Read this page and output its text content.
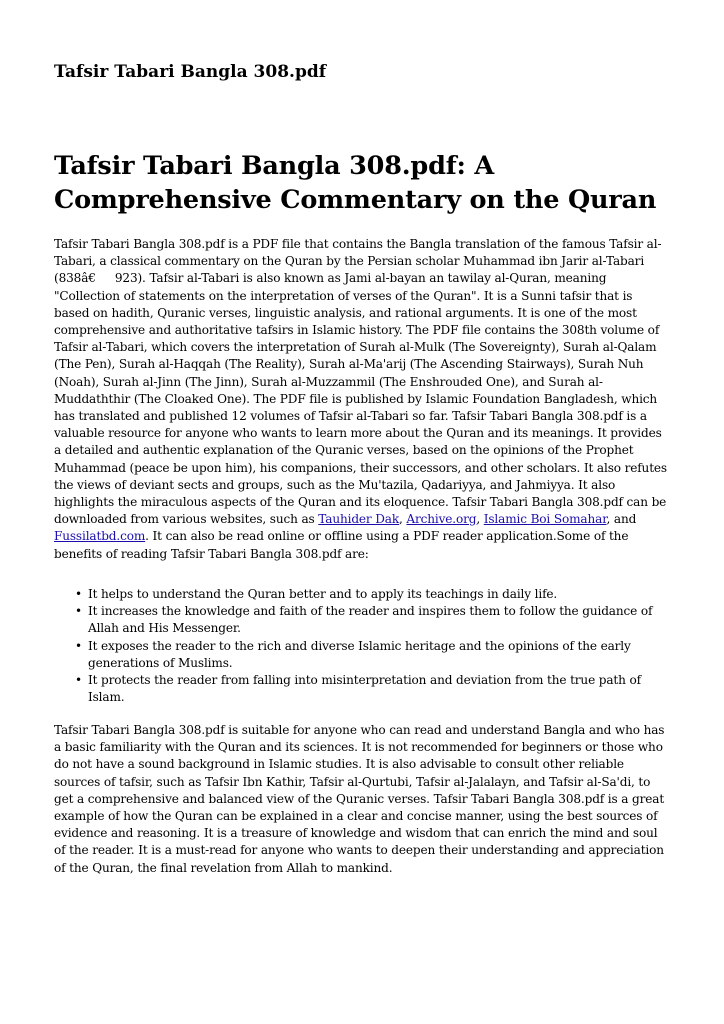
Tafsir Tabari Bangla 308.pdf
Tafsir Tabari Bangla 308.pdf: A Comprehensive Commentary on the Quran

Tafsir Tabari Bangla 308.pdf is a PDF file that contains the Bangla translation of the famous Tafsir al-Tabari, a classical commentary on the Quran by the Persian scholar Muhammad ibn Jarir al-Tabari (838â€923). Tafsir al-Tabari is also known as Jami al-bayan an tawilay al-Quran, meaning "Collection of statements on the interpretation of verses of the Quran". It is a Sunni tafsir that is based on hadith, Quranic verses, linguistic analysis, and rational arguments. It is one of the most comprehensive and authoritative tafsirs in Islamic history. The PDF file contains the 308th volume of Tafsir al-Tabari, which covers the interpretation of Surah al-Mulk (The Sovereignty), Surah al-Qalam (The Pen), Surah al-Haqqah (The Reality), Surah al-Ma'arij (The Ascending Stairways), Surah Nuh (Noah), Surah al-Jinn (The Jinn), Surah al-Muzzammil (The Enshrouded One), and Surah al-Muddaththir (The Cloaked One). The PDF file is published by Islamic Foundation Bangladesh, which has translated and published 12 volumes of Tafsir al-Tabari so far. Tafsir Tabari Bangla 308.pdf is a valuable resource for anyone who wants to learn more about the Quran and its meanings. It provides a detailed and authentic explanation of the Quranic verses, based on the opinions of the Prophet Muhammad (peace be upon him), his companions, their successors, and other scholars. It also refutes the views of deviant sects and groups, such as the Mu'tazila, Qadariyya, and Jahmiyya. It also highlights the miraculous aspects of the Quran and its eloquence. Tafsir Tabari Bangla 308.pdf can be downloaded from various websites, such as Tauhider Dak, Archive.org, Islamic Boi Somahar, and Fussilatbd.com. It can also be read online or offline using a PDF reader application.Some of the benefits of reading Tafsir Tabari Bangla 308.pdf are:

• It helps to understand the Quran better and to apply its teachings in daily life.
• It increases the knowledge and faith of the reader and inspires them to follow the guidance of Allah and His Messenger.
• It exposes the reader to the rich and diverse Islamic heritage and the opinions of the early generations of Muslims.
• It protects the reader from falling into misinterpretation and deviation from the true path of Islam.

Tafsir Tabari Bangla 308.pdf is suitable for anyone who can read and understand Bangla and who has a basic familiarity with the Quran and its sciences. It is not recommended for beginners or those who do not have a sound background in Islamic studies. It is also advisable to consult other reliable sources of tafsir, such as Tafsir Ibn Kathir, Tafsir al-Qurtubi, Tafsir al-Jalalayn, and Tafsir al-Sa'di, to get a comprehensive and balanced view of the Quranic verses. Tafsir Tabari Bangla 308.pdf is a great example of how the Quran can be explained in a clear and concise manner, using the best sources of evidence and reasoning. It is a treasure of knowledge and wisdom that can enrich the mind and soul of the reader. It is a must-read for anyone who wants to deepen their understanding and appreciation of the Quran, the final revelation from Allah to mankind.
